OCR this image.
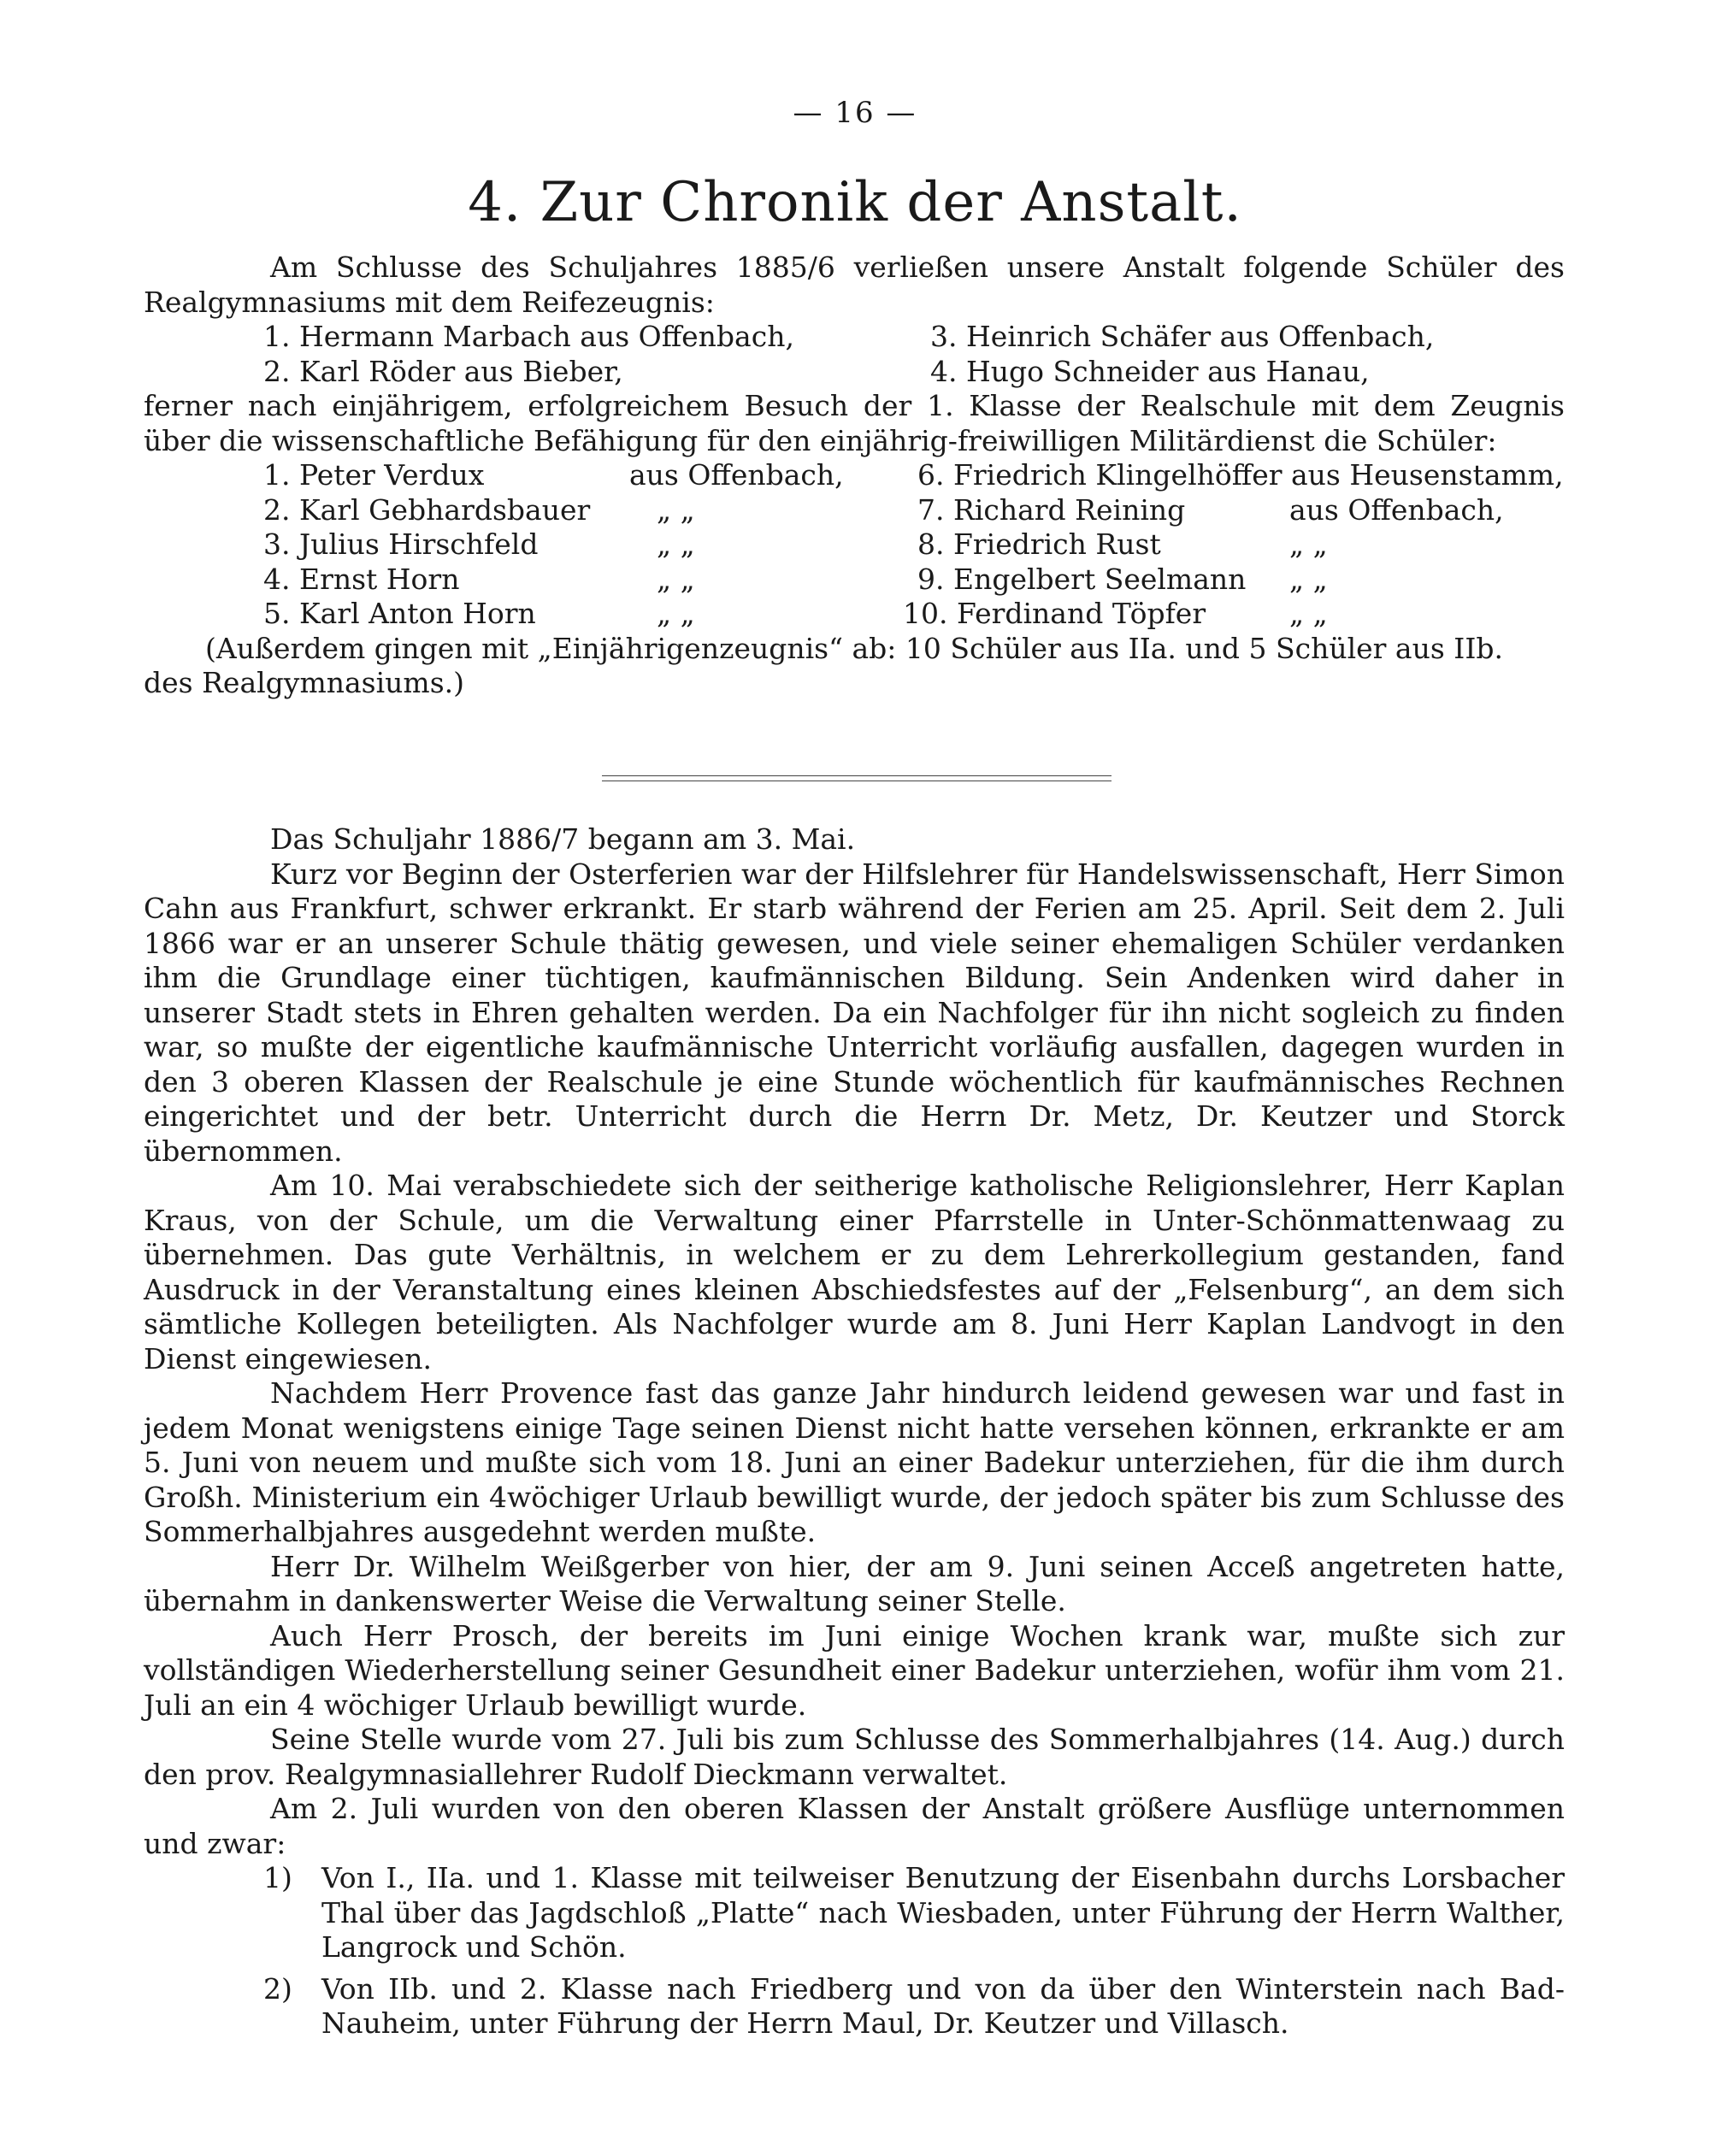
— 16 —
4. Zur Chronik der Anstalt.

Am Schlusse des Schuljahres 1885/6 verließen unsere Anstalt folgende Schüler des Realgymnasiums mit dem Reifezeugnis:

1. Hermann Marbach aus Offenbach,	3. Heinrich Schäfer aus Offenbach,
2. Karl Röder aus Bieber,	4. Hugo Schneider aus Hanau,

ferner nach einjährigem, erfolgreichem Besuch der 1. Klasse der Realschule mit dem Zeugnis über die wissenschaftliche Befähigung für den einjährig-freiwilligen Militärdienst die Schüler:

1. Peter Verdux	aus Offenbach,	6. Friedrich Klingelhöffer aus Heusenstamm,
2. Karl Gebhardsbauer „ „	7. Richard Reining	aus Offenbach,
3. Julius Hirschfeld	„ „	8. Friedrich Rust	„ „
4. Ernst Horn	„ „	9. Engelbert Seelmann „ „
5. Karl Anton Horn	„ „	10. Ferdinand Töpfer	„ „

(Außerdem gingen mit „Einjährigenzeugnis“ ab: 10 Schüler aus IIa. und 5 Schüler aus IIb.

des Realgymnasiums.)

Das Schuljahr 1886/7 begann am 3. Mai.

Kurz vor Beginn der Osterferien war der Hilfslehrer für Handelswissenschaft, Herr Simon Cahn aus Frankfurt, schwer erkrankt. Er starb während der Ferien am 25. April. Seit dem 2. Juli 1866 war er an unserer Schule thätig gewesen, und viele seiner ehemaligen Schüler verdanken ihm die Grundlage einer tüchtigen, kaufmännischen Bildung. Sein Andenken wird daher in unserer Stadt stets in Ehren gehalten werden. Da ein Nachfolger für ihn nicht sogleich zu finden war, so mußte der eigentliche kaufmännische Unterricht vorläufig ausfallen, dagegen wurden in den 3 oberen Klassen der Realschule je eine Stunde wöchentlich für kaufmännisches Rechnen eingerichtet und der betr. Unterricht durch die Herrn Dr. Metz, Dr. Keutzer und Storck übernommen.

Am 10. Mai verabschiedete sich der seitherige katholische Religionslehrer, Herr Kaplan Kraus, von der Schule, um die Verwaltung einer Pfarrstelle in Unter-Schönmattenwaag zu übernehmen. Das gute Verhältnis, in welchem er zu dem Lehrerkollegium gestanden, fand Ausdruck in der Veranstaltung eines kleinen Abschiedsfestes auf der „Felsenburg“, an dem sich sämtliche Kollegen beteiligten. Als Nachfolger wurde am 8. Juni Herr Kaplan Landvogt in den Dienst eingewiesen.

Nachdem Herr Provence fast das ganze Jahr hindurch leidend gewesen war und fast in jedem Monat wenigstens einige Tage seinen Dienst nicht hatte versehen können, erkrankte er am 5. Juni von neuem und mußte sich vom 18. Juni an einer Badekur unterziehen, für die ihm durch Großh. Ministerium ein 4wöchiger Urlaub bewilligt wurde, der jedoch später bis zum Schlusse des Sommerhalbjahres ausgedehnt werden mußte.

Herr Dr. Wilhelm Weißgerber von hier, der am 9. Juni seinen Accеß angetreten hatte, übernahm in dankenswerter Weise die Verwaltung seiner Stelle.

Auch Herr Prosch, der bereits im Juni einige Wochen krank war, mußte sich zur vollständigen Wiederherstellung seiner Gesundheit einer Badekur unterziehen, wofür ihm vom 21. Juli an ein 4 wöchiger Urlaub bewilligt wurde.

Seine Stelle wurde vom 27. Juli bis zum Schlusse des Sommerhalbjahres (14. Aug.) durch den prov. Realgymnasiallehrer Rudolf Dieckmann verwaltet.

Am 2. Juli wurden von den oberen Klassen der Anstalt größere Ausflüge unternommen und zwar:

1) Von I., IIa. und 1. Klasse mit teilweiser Benutzung der Eisenbahn durchs Lorsbacher Thal über das Jagdschloß „Platte“ nach Wiesbaden, unter Führung der Herrn Walther, Langrock und Schön.
2) Von IIb. und 2. Klasse nach Friedberg und von da über den Winterstein nach Bad-Nauheim, unter Führung der Herrn Maul, Dr. Keutzer und Villasch.
